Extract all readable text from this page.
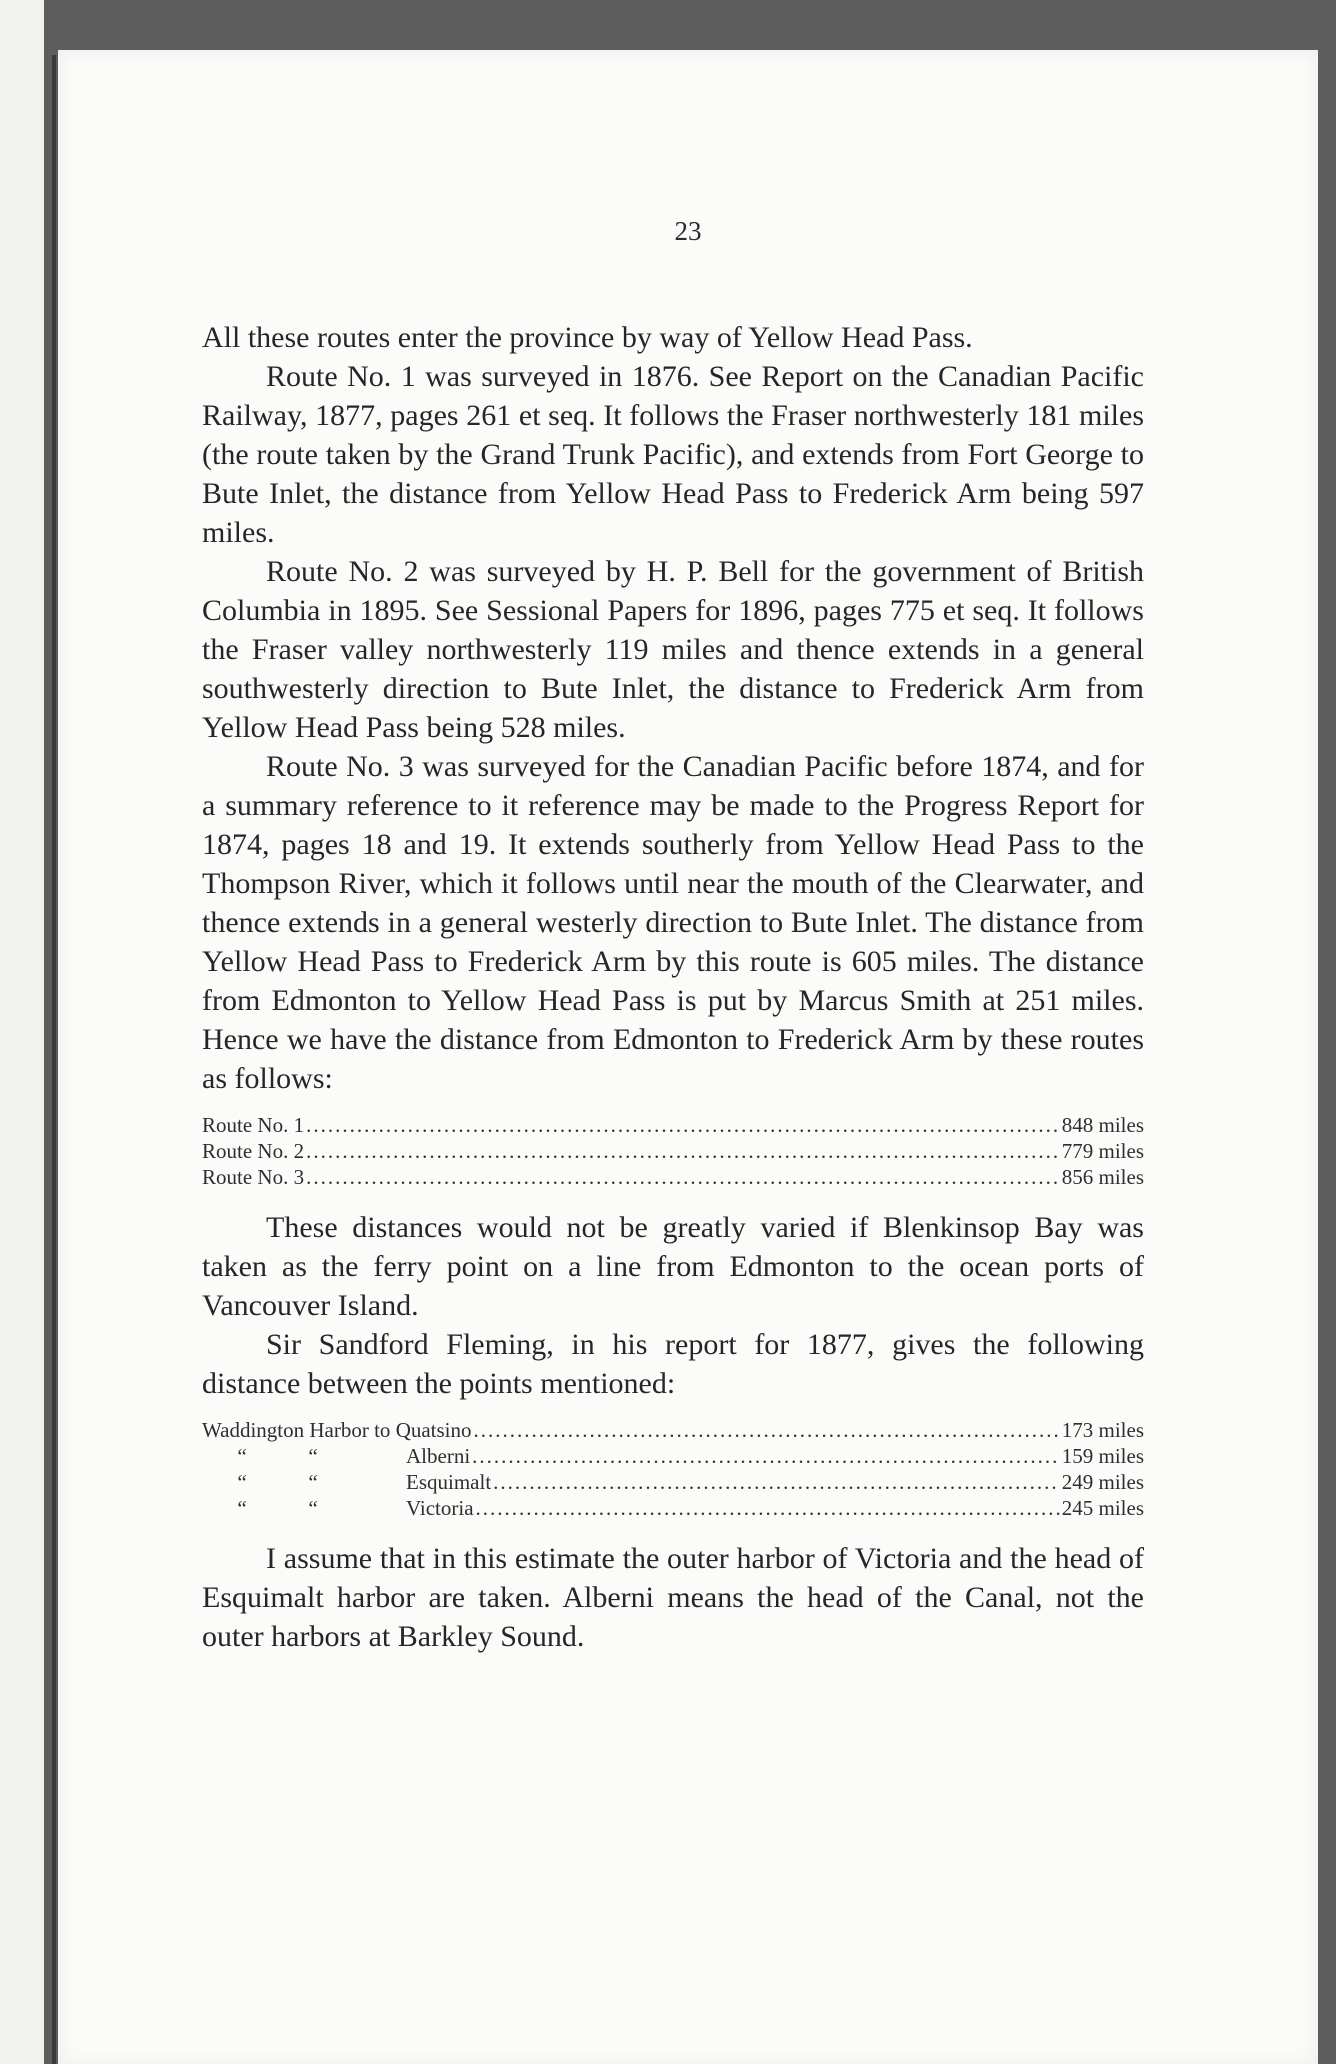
23

All these routes enter the province by way of Yellow Head Pass.

Route No. 1 was surveyed in 1876. See Report on the Canadian Pacific Railway, 1877, pages 261 et seq. It follows the Fraser northwesterly 181 miles (the route taken by the Grand Trunk Pacific), and extends from Fort George to Bute Inlet, the distance from Yellow Head Pass to Frederick Arm being 597 miles.

Route No. 2 was surveyed by H. P. Bell for the government of British Columbia in 1895. See Sessional Papers for 1896, pages 775 et seq. It follows the Fraser valley northwesterly 119 miles and thence extends in a general southwesterly direction to Bute Inlet, the distance to Frederick Arm from Yellow Head Pass being 528 miles.

Route No. 3 was surveyed for the Canadian Pacific before 1874, and for a summary reference to it reference may be made to the Progress Report for 1874, pages 18 and 19. It extends southerly from Yellow Head Pass to the Thompson River, which it follows until near the mouth of the Clearwater, and thence extends in a general westerly direction to Bute Inlet. The distance from Yellow Head Pass to Frederick Arm by this route is 605 miles. The distance from Edmonton to Yellow Head Pass is put by Marcus Smith at 251 miles. Hence we have the distance from Edmonton to Frederick Arm by these routes as follows:

Route No. 1 .....	848 miles
Route No. 2 .....	779 miles
Route No. 3 .....	856 miles

These distances would not be greatly varied if Blenkinsop Bay was taken as the ferry point on a line from Edmonton to the ocean ports of Vancouver Island.

Sir Sandford Fleming, in his report for 1877, gives the following distance between the points mentioned:

Waddington Harbor to Quatsino .....	173 miles
“	“	Alberni .....	159 miles
“	“	Esquimalt .....	249 miles
“	“	Victoria .....	245 miles

I assume that in this estimate the outer harbor of Victoria and the head of Esquimalt harbor are taken. Alberni means the head of the Canal, not the outer harbors at Barkley Sound.
